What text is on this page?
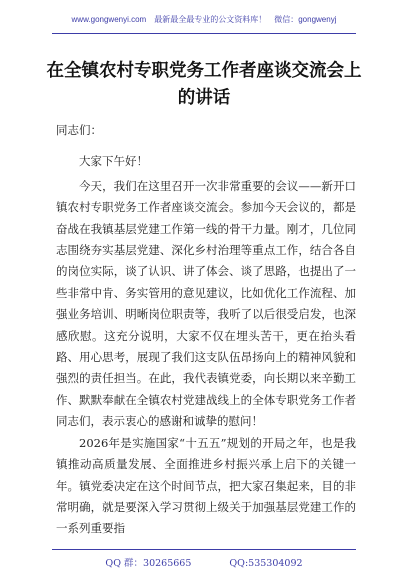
www.gongwenyi.com 最新最全最专业的公文资料库！ 微信：gongwenyj
在全镇农村专职党务工作者座谈交流会上的讲话

同志们：

大家下午好！

今天，我们在这里召开一次非常重要的会议——新开口镇农村专职党务工作者座谈交流会。参加今天会议的，都是奋战在我镇基层党建工作第一线的骨干力量。刚才，几位同志围绕夯实基层党建、深化乡村治理等重点工作，结合各自的岗位实际，谈了认识、讲了体会、谈了思路，也提出了一些非常中肯、务实管用的意见建议，比如优化工作流程、加强业务培训、明晰岗位职责等，我听了以后很受启发，也深感欣慰。这充分说明，大家不仅在埋头苦干，更在抬头看路、用心思考，展现了我们这支队伍昂扬向上的精神风貌和强烈的责任担当。在此，我代表镇党委，向长期以来辛勤工作、默默奉献在全镇农村党建战线上的全体专职党务工作者同志们，表示衷心的感谢和诚挚的慰问！

2026年是实施国家“十五五”规划的开局之年，也是我镇推动高质量发展、全面推进乡村振兴承上启下的关键一年。镇党委决定在这个时间节点，把大家召集起来，目的非常明确，就是要深入学习贯彻上级关于加强基层党建工作的一系列重要指

QQ 群：30265665	QQ:535304092
